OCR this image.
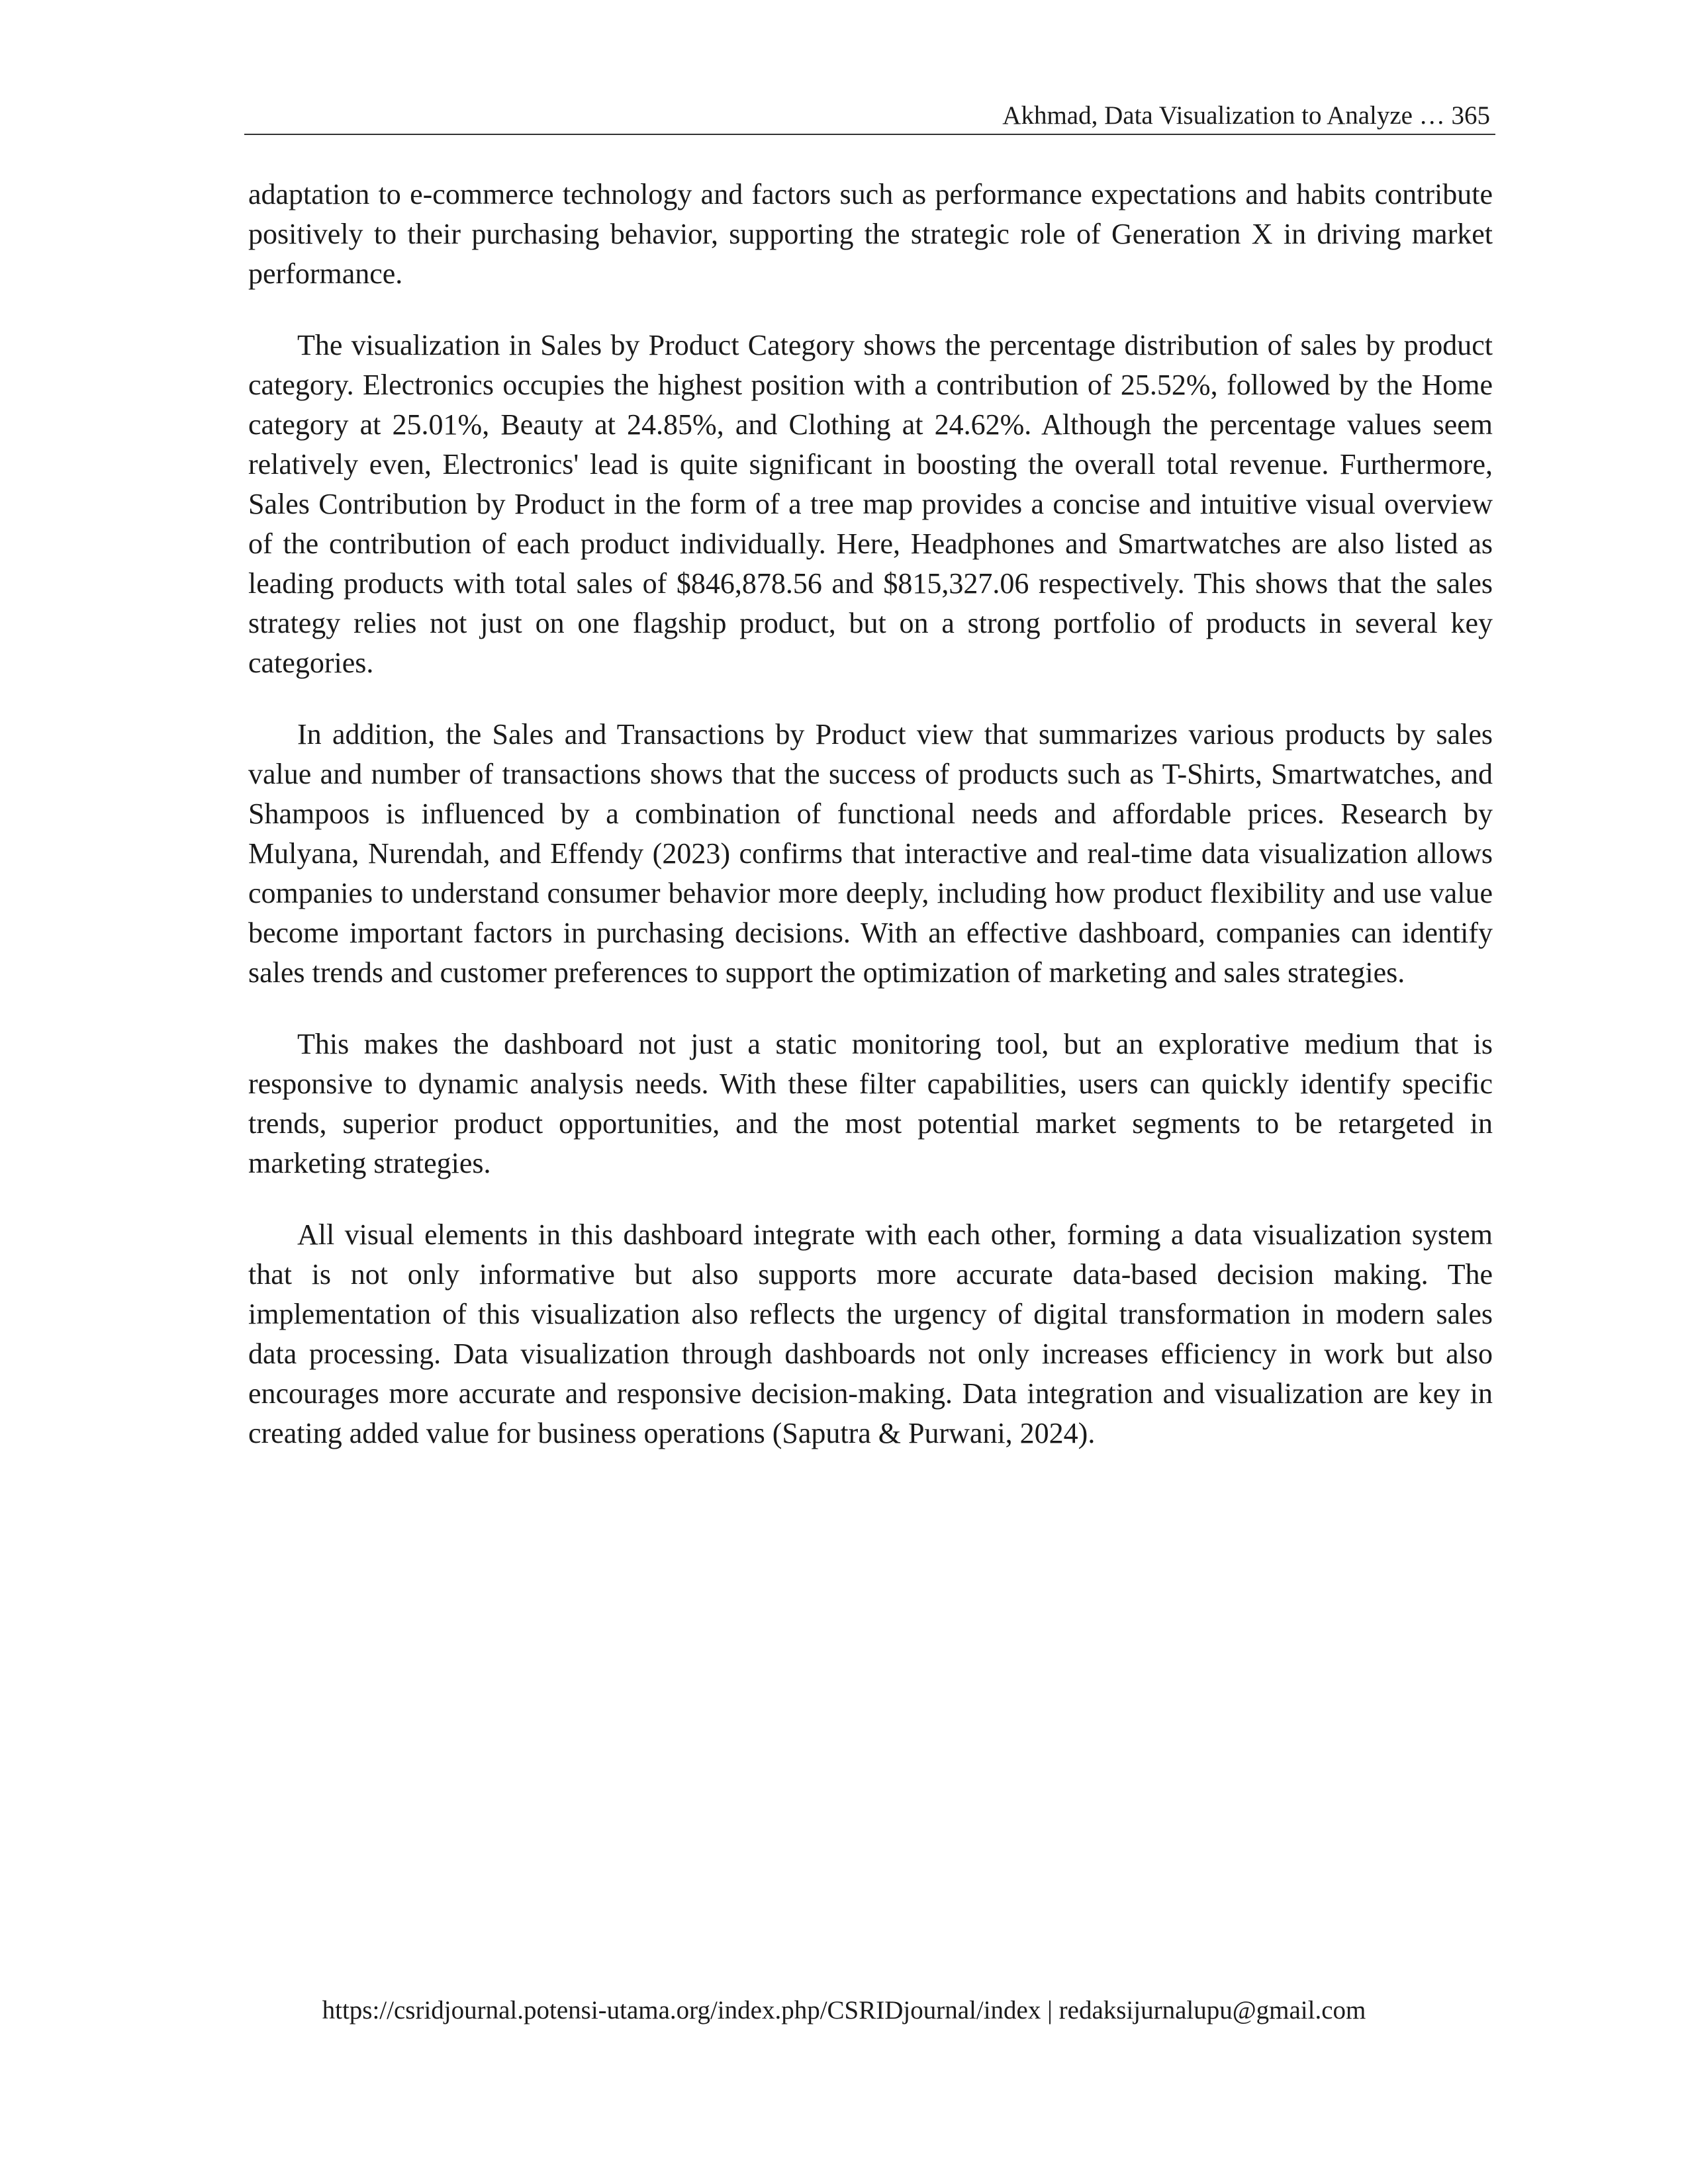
Akhmad, Data Visualization to Analyze … 365

adaptation to e-commerce technology and factors such as performance expectations and habits contribute positively to their purchasing behavior, supporting the strategic role of Generation X in driving market performance.

The visualization in Sales by Product Category shows the percentage distribution of sales by product category. Electronics occupies the highest position with a contribution of 25.52%, followed by the Home category at 25.01%, Beauty at 24.85%, and Clothing at 24.62%. Although the percentage values seem relatively even, Electronics' lead is quite significant in boosting the overall total revenue. Furthermore, Sales Contribution by Product in the form of a tree map provides a concise and intuitive visual overview of the contribution of each product individually. Here, Headphones and Smartwatches are also listed as leading products with total sales of $846,878.56 and $815,327.06 respectively. This shows that the sales strategy relies not just on one flagship product, but on a strong portfolio of products in several key categories.

In addition, the Sales and Transactions by Product view that summarizes various products by sales value and number of transactions shows that the success of products such as T-Shirts, Smartwatches, and Shampoos is influenced by a combination of functional needs and affordable prices. Research by Mulyana, Nurendah, and Effendy (2023) confirms that interactive and real-time data visualization allows companies to understand consumer behavior more deeply, including how product flexibility and use value become important factors in purchasing decisions. With an effective dashboard, companies can identify sales trends and customer preferences to support the optimization of marketing and sales strategies.

This makes the dashboard not just a static monitoring tool, but an explorative medium that is responsive to dynamic analysis needs. With these filter capabilities, users can quickly identify specific trends, superior product opportunities, and the most potential market segments to be retargeted in marketing strategies.

All visual elements in this dashboard integrate with each other, forming a data visualization system that is not only informative but also supports more accurate data-based decision making. The implementation of this visualization also reflects the urgency of digital transformation in modern sales data processing. Data visualization through dashboards not only increases efficiency in work but also encourages more accurate and responsive decision-making. Data integration and visualization are key in creating added value for business operations (Saputra & Purwani, 2024).

https://csridjournal.potensi-utama.org/index.php/CSRIDjournal/index | redaksijurnalupu@gmail.com
